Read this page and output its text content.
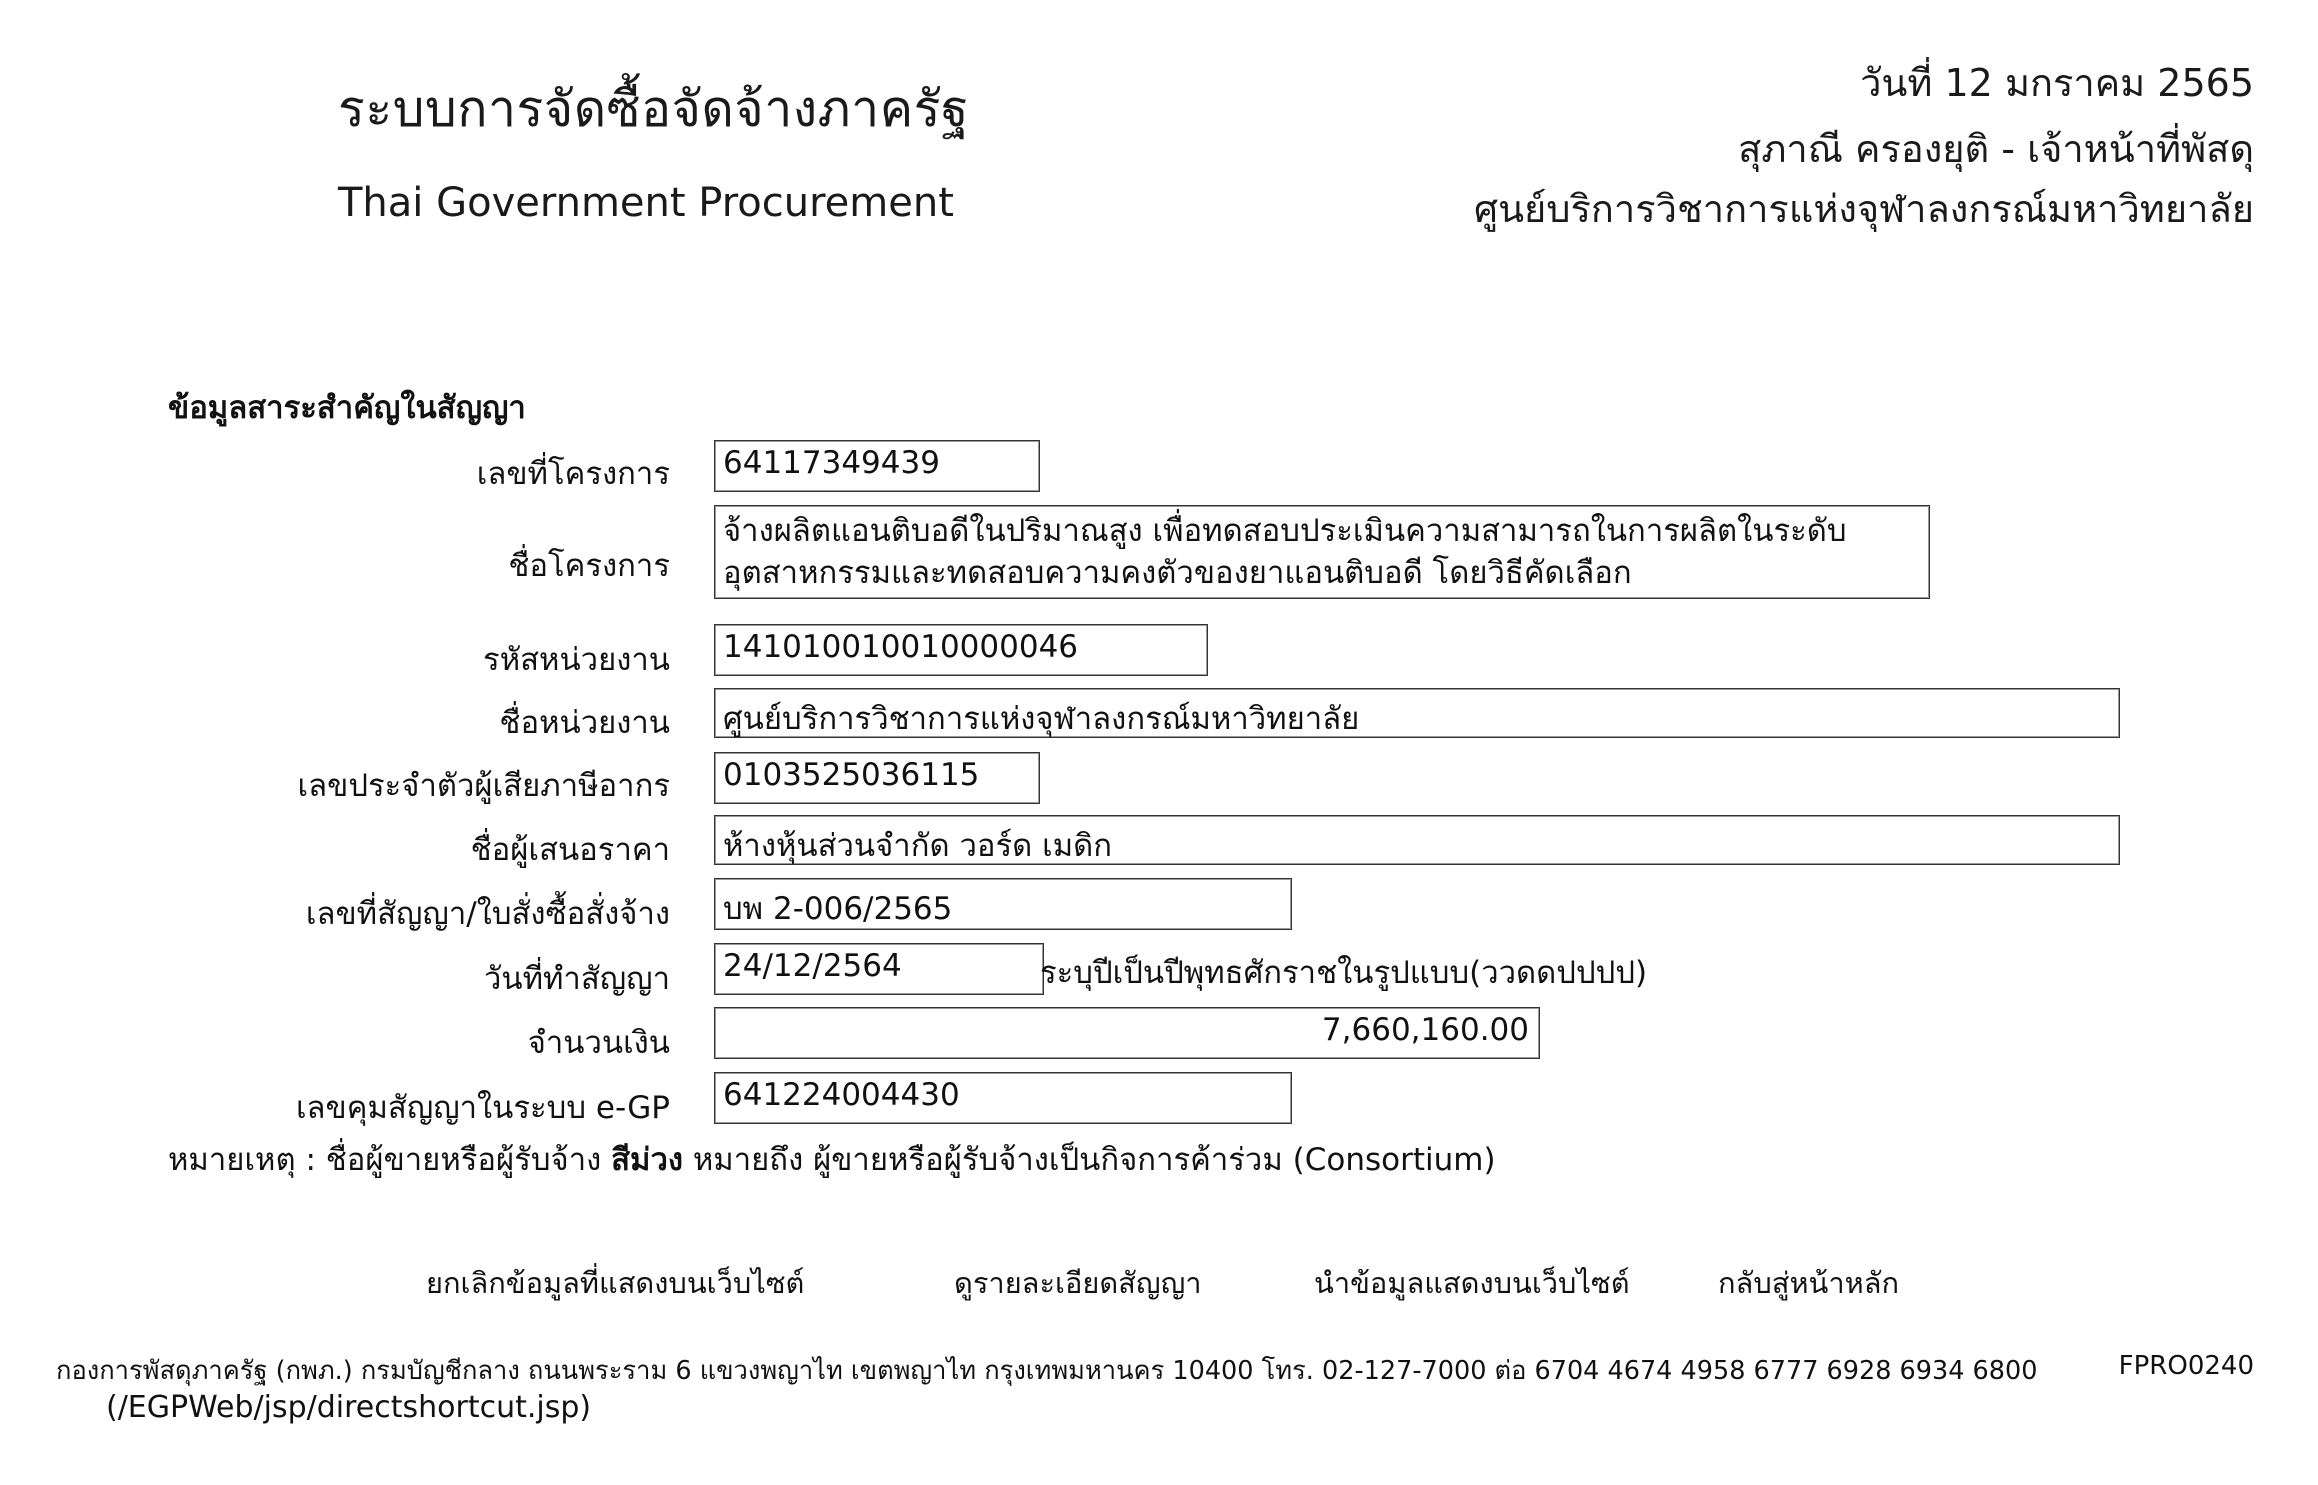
ระบบการจัดซื้อจัดจ้างภาครัฐ
Thai Government Procurement
วันที่ 12 มกราคม 2565
สุภาณี ครองยุติ - เจ้าหน้าที่พัสดุ
ศูนย์บริการวิชาการแห่งจุฬาลงกรณ์มหาวิทยาลัย
ข้อมูลสาระสำคัญในสัญญา
เลขที่โครงการ 64117349439
ชื่อโครงการ
จ้างผลิตแอนติบอดีในปริมาณสูง เพื่อทดสอบประเมินความสามารถในการผลิตในระดับอุตสาหกรรมและทดสอบความคงตัวของยาแอนติบอดี โดยวิธีคัดเลือก
รหัสหน่วยงาน 141010010010000046
ชื่อหน่วยงาน ศูนย์บริการวิชาการแห่งจุฬาลงกรณ์มหาวิทยาลัย
เลขประจำตัวผู้เสียภาษีอากร 0103525036115
ชื่อผู้เสนอราคา ห้างหุ้นส่วนจำกัด วอร์ด เมดิก
เลขที่สัญญา/ใบสั่งซื้อสั่งจ้าง บพ 2-006/2565
วันที่ทำสัญญา 24/12/2564	ระบุปีเป็นปีพุทธศักราชในรูปแบบ(ววดดปปปป)
จำนวนเงิน	7,660,160.00
เลขคุมสัญญาในระบบ e-GP 641224004430
หมายเหตุ : ชื่อผู้ขายหรือผู้รับจ้าง สีม่วง หมายถึง ผู้ขายหรือผู้รับจ้างเป็นกิจการค้าร่วม (Consortium)
ยกเลิกข้อมูลที่แสดงบนเว็บไซต์	ดูรายละเอียดสัญญา	นำข้อมูลแสดงบนเว็บไซต์	กลับสู่หน้าหลัก
กองการพัสดุภาครัฐ (กพภ.) กรมบัญชีกลาง ถนนพระราม 6 แขวงพญาไท เขตพญาไท กรุงเทพมหานคร 10400 โทร. 02-127-7000 ต่อ 6704 4674 4958 6777 6928 6934 6800	FPRO0240
(/EGPWeb/jsp/directshortcut.jsp)
